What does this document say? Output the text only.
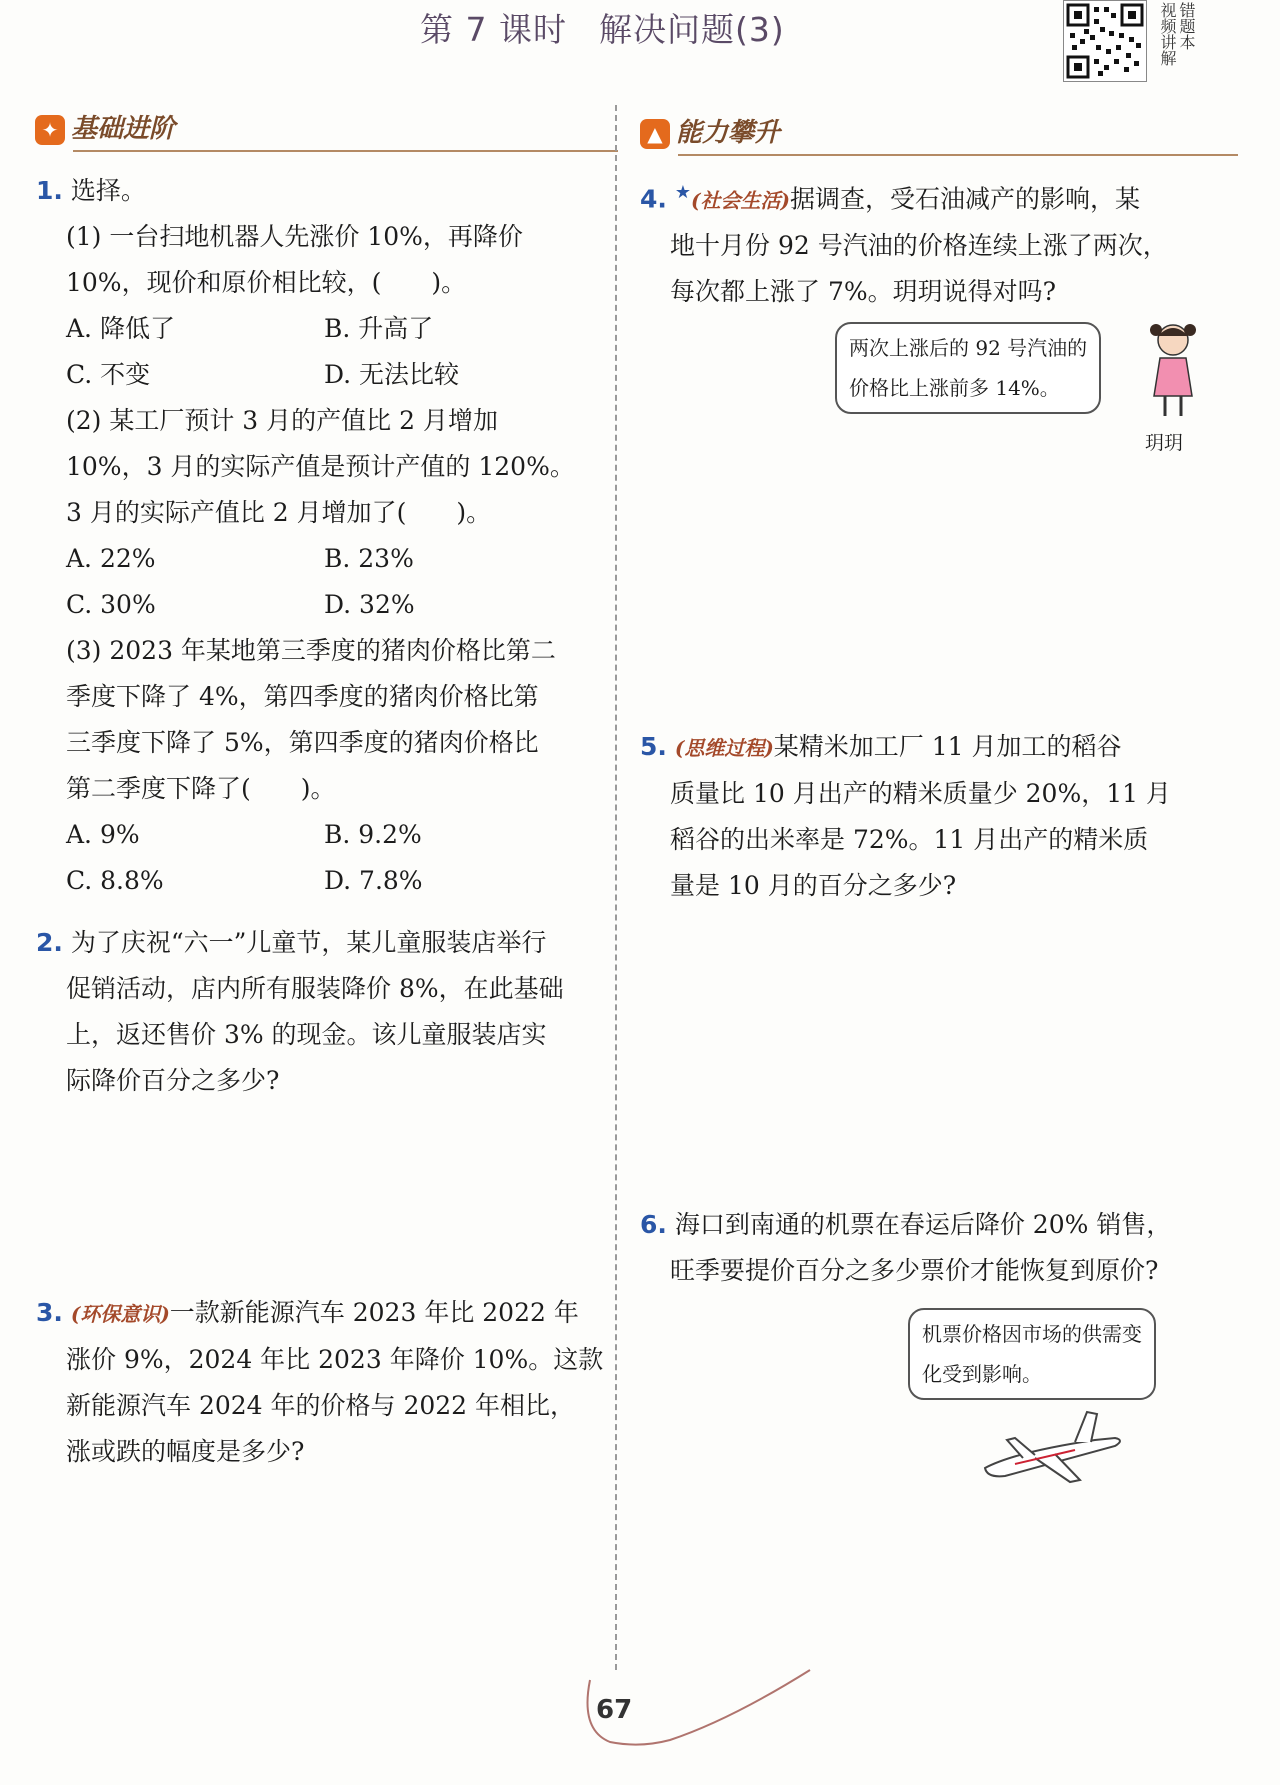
第 7 课时 解决问题(3)	错题本
视频讲解
✦ 基础进阶	▲ 能力攀升
1. 选择。
(1) 一台扫地机器人先涨价 10%，再降价
10%，现价和原价相比较，(　　)。
A. 降低了	B. 升高了
C. 不变	D. 无法比较
(2) 某工厂预计 3 月的产值比 2 月增加
10%，3 月的实际产值是预计产值的 120%。
3 月的实际产值比 2 月增加了(　　)。
A. 22%	B. 23%
C. 30%	D. 32%
(3) 2023 年某地第三季度的猪肉价格比第二
季度下降了 4%，第四季度的猪肉价格比第
三季度下降了 5%，第四季度的猪肉价格比
第二季度下降了(　　)。
A. 9%	B. 9.2%
C. 8.8%	D. 7.8%
2. 为了庆祝“六一”儿童节，某儿童服装店举行
促销活动，店内所有服装降价 8%，在此基础
上，返还售价 3% 的现金。该儿童服装店实
际降价百分之多少?
3. (环保意识)一款新能源汽车 2023 年比 2022 年
涨价 9%，2024 年比 2023 年降价 10%。这款
新能源汽车 2024 年的价格与 2022 年相比，
涨或跌的幅度是多少?
4. ★(社会生活)据调查，受石油减产的影响，某
地十月份 92 号汽油的价格连续上涨了两次，
每次都上涨了 7%。玥玥说得对吗?
两次上涨后的 92 号汽油的
价格比上涨前多 14%。
玥玥
5. (思维过程)某精米加工厂 11 月加工的稻谷
质量比 10 月出产的精米质量少 20%，11 月
稻谷的出米率是 72%。11 月出产的精米质
量是 10 月的百分之多少?
6. 海口到南通的机票在春运后降价 20% 销售，
旺季要提价百分之多少票价才能恢复到原价?
机票价格因市场的供需变
化受到影响。
67
